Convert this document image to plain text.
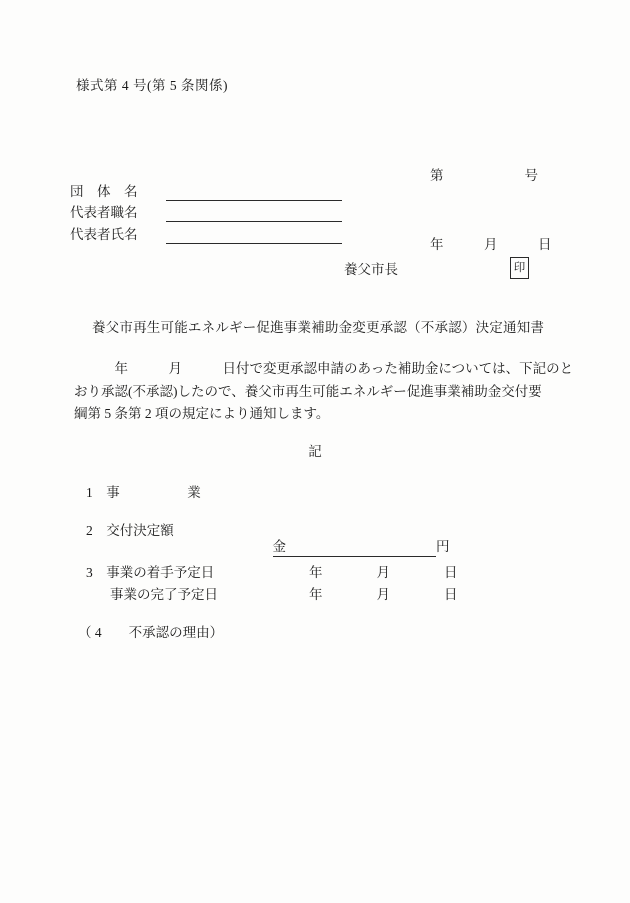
様式第 4 号(第 5 条関係)

第　　　　　　号

年　　　月　　　日

団　体　名
代表者職名
代表者氏名
養父市長	印
養父市再生可能エネルギー促進事業補助金変更承認（不承認）決定通知書
　　　年　　　月　　　日付で変更承認申請のあった補助金については、下記のと
おり承認(不承認)したので、養父市再生可能エネルギー促進事業補助金交付要
綱第 5 条第 2 項の規定により通知します。
記
1　事　　　　　業
2　交付決定額

金	円

3　事業の着手予定日	年　　　　月　　　　日
事業の完了予定日	年　　　　月　　　　日
（ 4　　不承認の理由）
